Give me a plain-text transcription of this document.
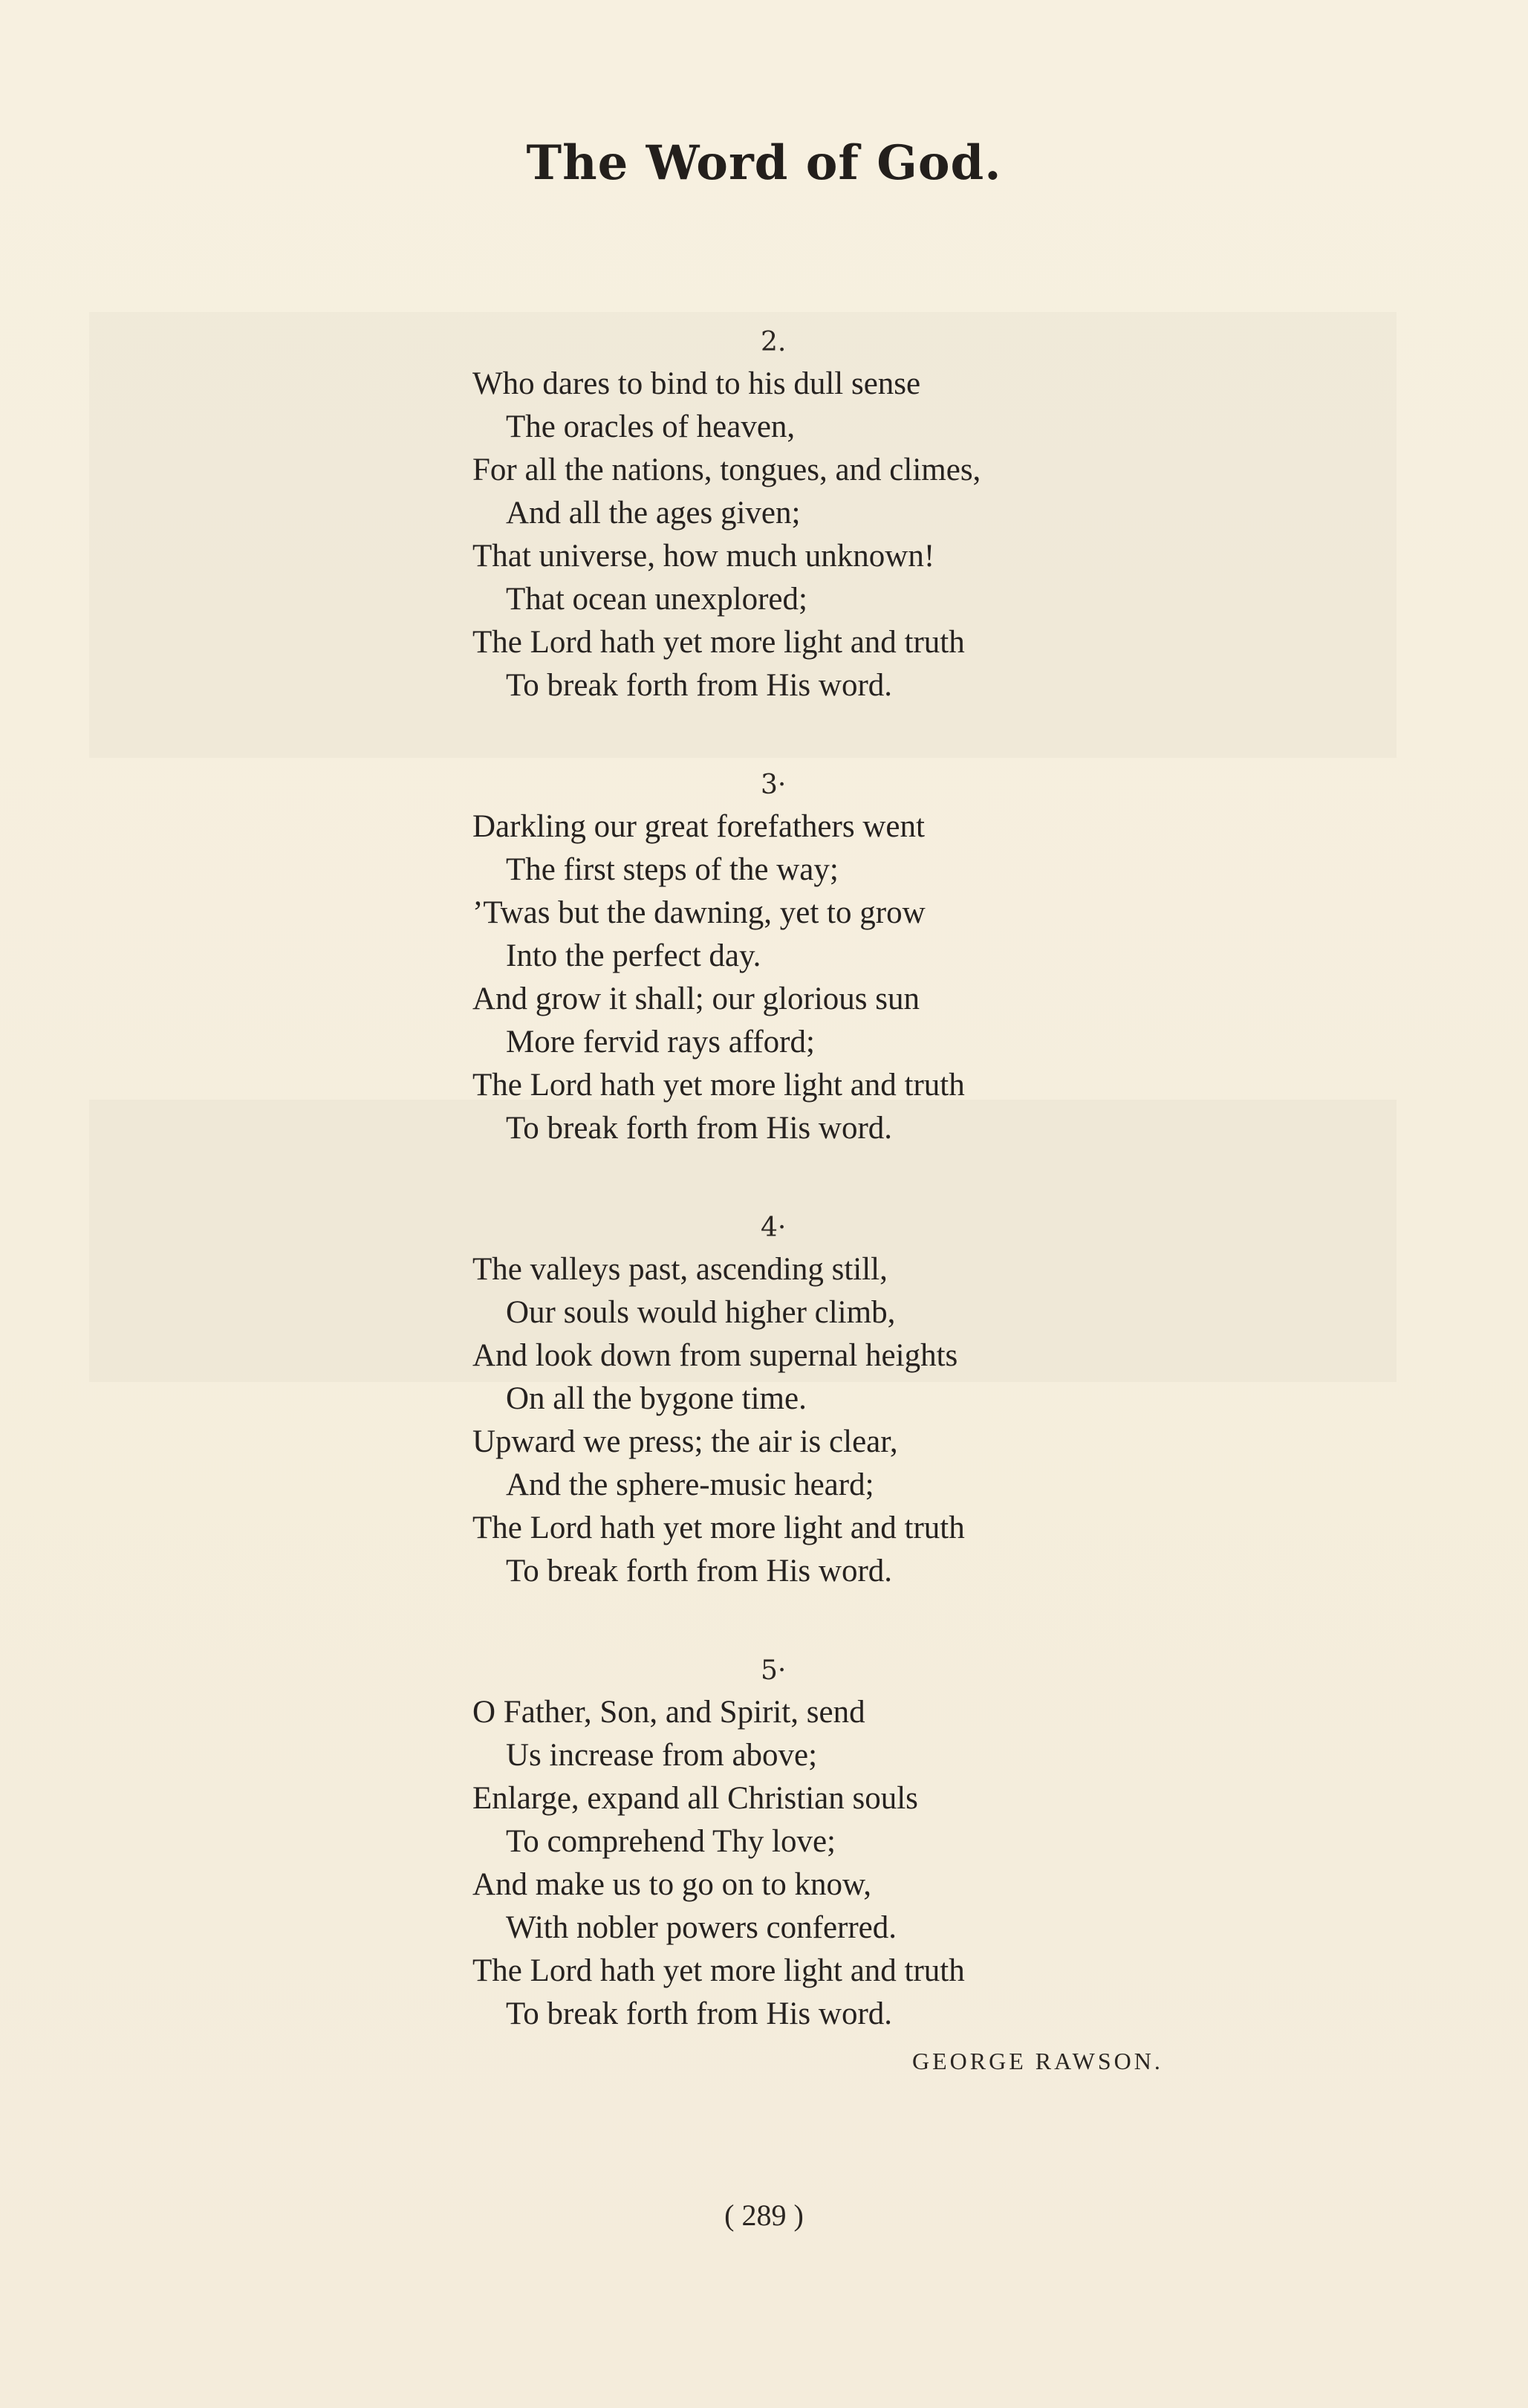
The Word of God.
2.
Who dares to bind to his dull sense
The oracles of heaven,
For all the nations, tongues, and climes,
And all the ages given;
That universe, how much unknown!
That ocean unexplored;
The Lord hath yet more light and truth
To break forth from His word.
3·
Darkling our great forefathers went
The first steps of the way;
’Twas but the dawning, yet to grow
Into the perfect day.
And grow it shall; our glorious sun
More fervid rays afford;
The Lord hath yet more light and truth
To break forth from His word.
4·
The valleys past, ascending still,
Our souls would higher climb,
And look down from supernal heights
On all the bygone time.
Upward we press; the air is clear,
And the sphere-music heard;
The Lord hath yet more light and truth
To break forth from His word.
5·
O Father, Son, and Spirit, send
Us increase from above;
Enlarge, expand all Christian souls
To comprehend Thy love;
And make us to go on to know,
With nobler powers conferred.
The Lord hath yet more light and truth
To break forth from His word.
GEORGE RAWSON.
( 289 )
